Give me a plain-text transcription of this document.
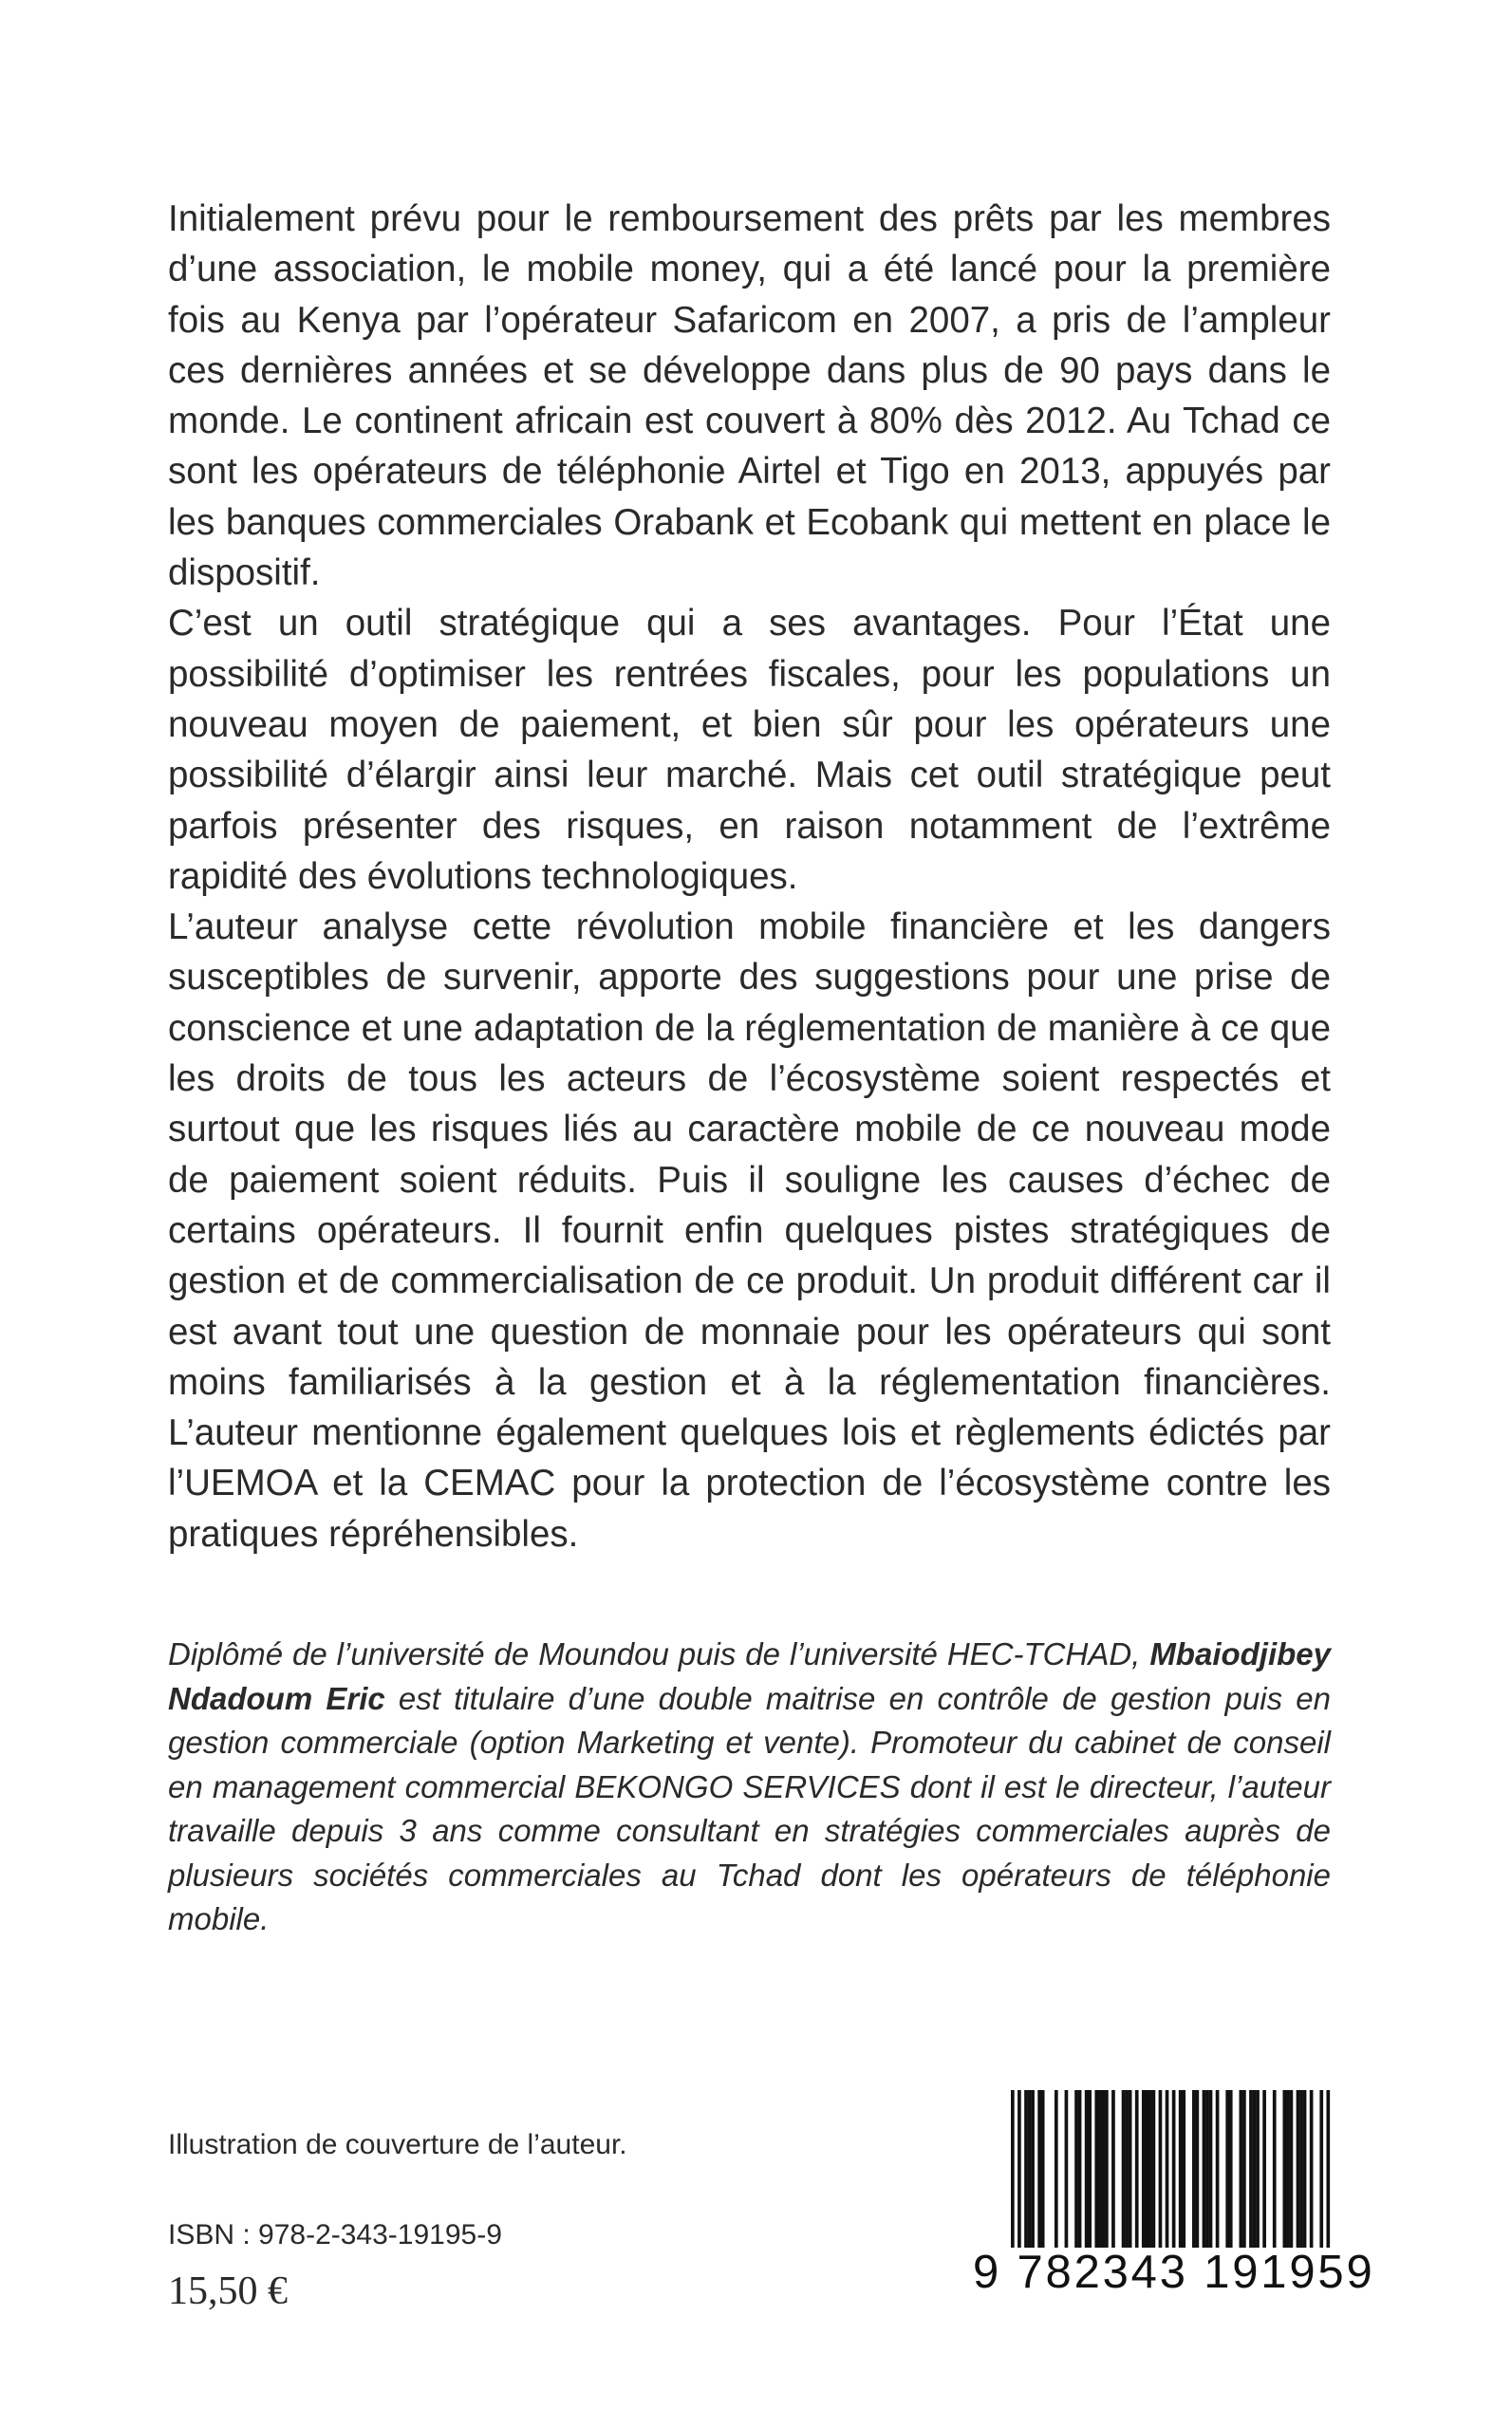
Initialement prévu pour le remboursement des prêts par les membres d’une association, le mobile money, qui a été lancé pour la première fois au Kenya par l’opérateur Safaricom en 2007, a pris de l’ampleur ces dernières années et se développe dans plus de 90 pays dans le monde. Le continent africain est couvert à 80% dès 2012. Au Tchad ce sont les opérateurs de téléphonie Airtel et Tigo en 2013, appuyés par les banques commerciales Orabank et Ecobank qui mettent en place le dispositif.

C’est un outil stratégique qui a ses avantages. Pour l’État une possibilité d’optimiser les rentrées fiscales, pour les populations un nouveau moyen de paiement, et bien sûr pour les opérateurs une possibilité d’élargir ainsi leur marché. Mais cet outil stratégique peut parfois présenter des risques, en raison notamment de l’extrême rapidité des évolutions technologiques.

L’auteur analyse cette révolution mobile financière et les dangers susceptibles de survenir, apporte des suggestions pour une prise de conscience et une adaptation de la réglementation de manière à ce que les droits de tous les acteurs de l’écosystème soient respectés et surtout que les risques liés au caractère mobile de ce nouveau mode de paiement soient réduits. Puis il souligne les causes d’échec de certains opérateurs. Il fournit enfin quelques pistes stratégiques de gestion et de commercialisation de ce produit. Un produit différent car il est avant tout une question de monnaie pour les opérateurs qui sont moins familiarisés à la gestion et à la réglementation financières. L’auteur mentionne également quelques lois et règlements édictés par l’UEMOA et la CEMAC pour la protection de l’écosystème contre les pratiques répréhensibles.

Diplômé de l’université de Moundou puis de l’université HEC-TCHAD, Mbaiodjibey Ndadoum Eric est titulaire d’une double maitrise en contrôle de gestion puis en gestion commerciale (option Marketing et vente). Promoteur du cabinet de conseil en management commercial BEKONGO SERVICES dont il est le directeur, l’auteur travaille depuis 3 ans comme consultant en stratégies commerciales auprès de plusieurs sociétés commerciales au Tchad dont les opérateurs de téléphonie mobile.

Illustration de couverture de l’auteur.

ISBN : 978-2-343-19195-9

15,50 €	9 782343 191959
